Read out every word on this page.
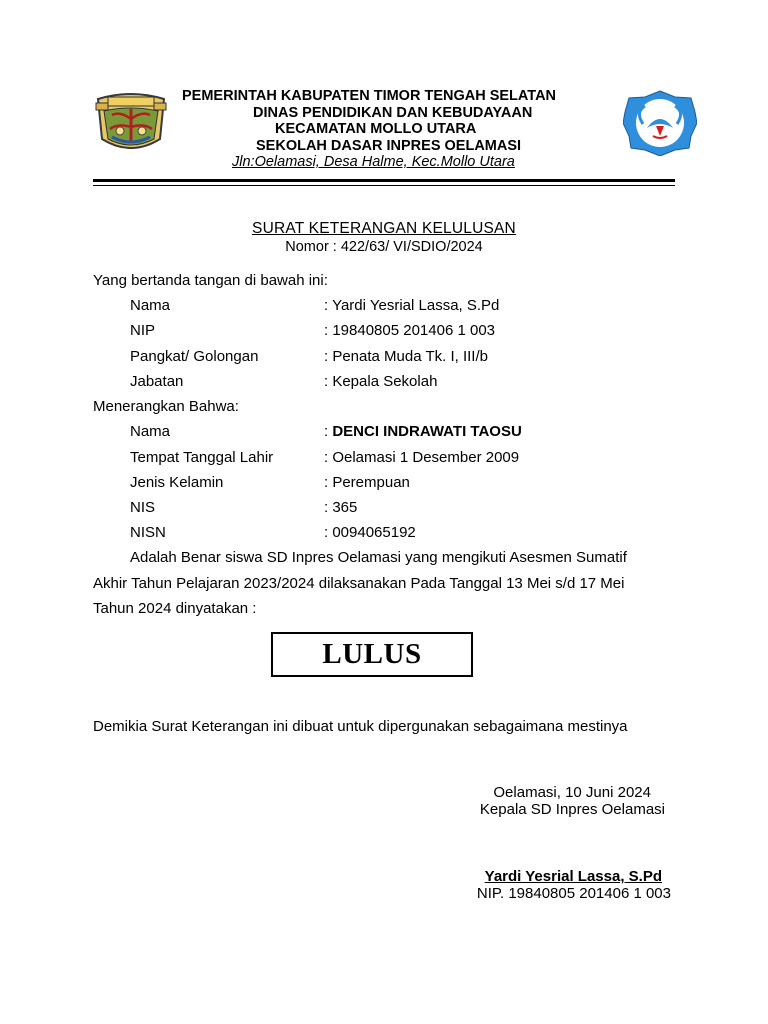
PEMERINTAH KABUPATEN TIMOR TENGAH SELATAN
DINAS PENDIDIKAN DAN KEBUDAYAAN
KECAMATAN MOLLO UTARA
SEKOLAH DASAR INPRES OELAMASI
Jln:Oelamasi, Desa Halme, Kec.Mollo Utara
SURAT KETERANGAN KELULUSAN
Nomor : 422/63/ VI/SDIO/2024
Yang bertanda tangan di bawah ini:
Nama	: Yardi Yesrial Lassa, S.Pd
NIP	: 19840805 201406 1 003
Pangkat/ Golongan	: Penata Muda Tk. I, III/b
Jabatan	: Kepala Sekolah
Menerangkan Bahwa:
Nama	: DENCI INDRAWATI TAOSU
Tempat Tanggal Lahir	: Oelamasi 1 Desember 2009
Jenis Kelamin	: Perempuan
NIS	: 365
NISN	: 0094065192
Adalah Benar siswa SD Inpres Oelamasi yang mengikuti Asesmen Sumatif
Akhir Tahun Pelajaran 2023/2024 dilaksanakan Pada Tanggal 13 Mei s/d 17 Mei
Tahun 2024 dinyatakan :
LULUS
Demikia Surat Keterangan ini dibuat untuk dipergunakan sebagaimana mestinya
Oelamasi, 10 Juni 2024
Kepala SD Inpres Oelamasi
Yardi Yesrial Lassa, S.Pd
NIP. 19840805 201406 1 003
